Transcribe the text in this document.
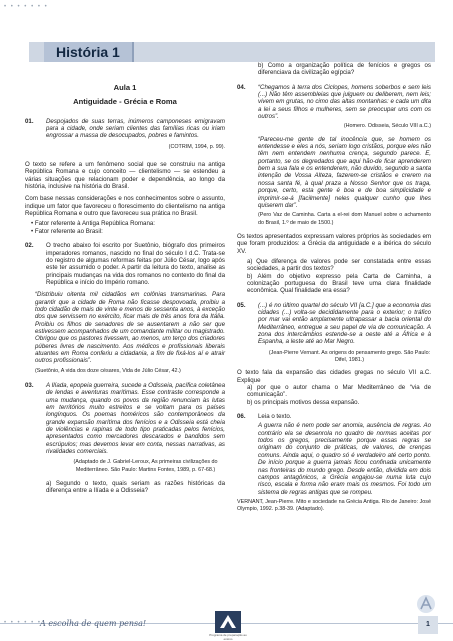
• • • • • • •
História 1

Aula 1

Antiguidade - Grécia e Roma

01. Despojados de suas terras, inúmeros camponeses emigravam para a cidade, onde seriam clientes das famílias ricas ou iriam engrossar a massa de desocupados, pobres e famintos.

(COTRIM, 1994, p. 99).

O texto se refere a um fenômeno social que se construiu na antiga República Romana e cujo conceito — clientelismo — se estendeu a várias situações que relacionam poder e dependência, ao longo da história, inclusive na história do Brasil.

Com base nessas considerações e nos conhecimentos sobre o assunto, indique um fator que favoreceu o florescimento do clientelismo na antiga República Romana e outro que favoreceu sua prática no Brasil.

• Fator referente à Antiga República Romana:
• Fator referente ao Brasil:
02. O trecho abaixo foi escrito por Suetônio, biógrafo dos primeiros imperadores romanos, nascido no final do século I d.C. Trata-se do registro de algumas reformas feitas por Júlio César, logo após este ter assumido o poder. A partir da leitura do texto, analise as principais mudanças na vida dos romanos no contexto do final da República e início do Império romano.

“Distribuiu oitenta mil cidadãos em colônias transmarinas. Para garantir que a cidade de Roma não ficasse despovoada, proibiu a todo cidadão de mais de vinte e menos de sessenta anos, à exceção dos que servissem no exército, ficar mais de três anos fora da Itália. Proibiu os filhos de senadores de se ausentarem a não ser que estivessem acompanhados de um comandante militar ou magistrado. Obrigou que os pastores tivessem, ao menos, um terço dos criadores púberes livres de nascimento. Aos médicos e profissionais liberais atuantes em Roma conferiu a cidadania, a fim de fixá-los aí e atrair outros profissionais”.

(Suetônio, A vida dos doze césares, Vida de Júlio César, 42.)

03. A Ilíada, epopeia guerreira, sucede a Odisseia, pacífica coletânea de lendas e aventuras marítimas. Esse contraste corresponde a uma mudança, quando os povos da região renunciam às lutas em territórios muito estreitos e se voltam para os países longínquos. Os poemas homéricos são contemporâneos da grande expansão marítima dos fenícios e a Odisseia está cheia de violências e rapinas de todo tipo praticadas pelos fenícios, apresentados como mercadores descarados e bandidos sem escrúpulos; mas devemos levar em conta, nessas narrativas, as rivalidades comerciais.

(Adaptado de J. Gabriel-Leroux, As primeiras civilizações do Mediterrâneo. São Paulo: Martins Fontes, 1989, p. 67-68.)

a) Segundo o texto, quais seriam as razões históricas da diferença entre a Ilíada e a Odisseia?

b) Como a organização política de fenícios e gregos os diferenciava da civilização egípcia?

04. “Chegamos à terra dos Ciclopes, homens soberbos e sem leis (...) Não têm assembleias que julguem ou deliberem, nem leis; vivem em grutas, no cimo das altas montanhas: e cada um dita a lei a seus filhos e mulheres, sem se preocupar uns com os outros”.

(Homero. Odisseia, Século VIII a.C.)

“Pareceu-me gente de tal inocência que, se homem os entendesse e eles a nós, seriam logo cristãos, porque eles não têm nem entendem nenhuma crença, segundo parece. E, portanto, se os degredados que aqui hão-de ficar aprenderem bem a sua fala e os entenderem, não duvido, segundo a santa intenção de Vossa Alteza, fazerem-se cristãos e crerem na nossa santa fé, à qual praza a Nosso Senhor que os traga, porque, certo, esta gente é boa e de boa simplicidade e imprimir-se-á [facilmente] neles qualquer cunho que lhes quiserem dar”.

(Pero Vaz de Caminha. Carta a el-rei dom Manuel sobre o achamento do Brasil, 1.º de maio de 1500.)

Os textos apresentados expressam valores próprios às sociedades em que foram produzidos: a Grécia da antiguidade e a ibérica do século XV.

a) Que diferença de valores pode ser constatada entre essas sociedades, a partir dos textos?

b) Além do objetivo expresso pela Carta de Caminha, a colonização portuguesa do Brasil teve uma clara finalidade econômica. Qual finalidade era essa?

05. (...) é no último quartel do século VII [a.C.] que a economia das cidades (...) volta-se decididamente para o exterior; o tráfico por mar vai então amplamente ultrapassar a bacia oriental do Mediterrâneo, entregue a seu papel de via de comunicação. A zona dos intercâmbios estende-se a oeste até a África e à Espanha, a leste até ao Mar Negro.

(Jean-Pierre Vernant. As origens do pensamento grego. São Paulo: Difel, 1981.)

O texto fala da expansão das cidades gregas no século VII a.C. Explique

a) por que o autor chama o Mar Mediterrâneo de “via de comunicação”.

b) os principais motivos dessa expansão.

06. Leia o texto.

A guerra não é nem pode ser anomia, ausência de regras. Ao contrário ela se desenrola no quadro de normas aceitas por todos os gregos, precisamente porque essas regras se originam do conjunto de práticas, de valores, de crenças comuns. Ainda aqui, o quadro só é verdadeiro até certo ponto. De início porque a guerra jamais ficou confinada unicamente nas fronteiras do mundo grego. Desde então, dividida em dois campos antagônicos, a Grécia engajou-se numa luta cujo risco, escala e forma não eram mais os mesmos. Foi todo um sistema de regras antigas que se rompeu.

VERNANT, Jean-Pierre. Mito e sociedade na Grécia Antiga. Rio de Janeiro: José Olympio, 1992. p.38-39. (Adaptado).

• • • • • •
A escolha de quem pensa!
Programa de preparação ao ensino
1
